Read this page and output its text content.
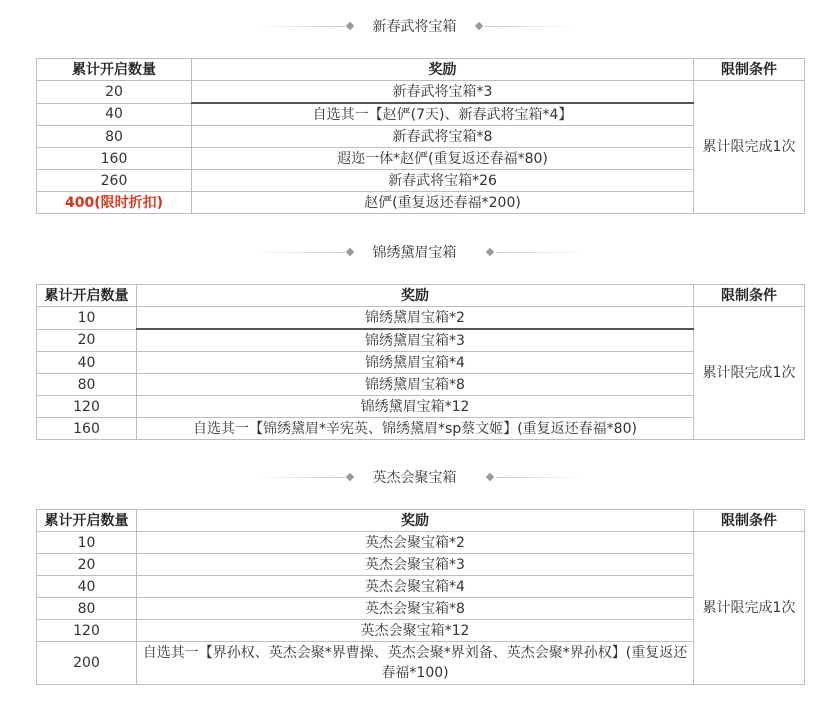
新春武将宝箱
累计开启数量	奖励	限制条件
20	新春武将宝箱*3	累计限完成1次
40	自选其一【赵俨(7天)、新春武将宝箱*4】	
80	新春武将宝箱*8	
160	遐迩一体*赵俨(重复返还春福*80)	
260	新春武将宝箱*26	
400(限时折扣)	赵俨(重复返还春福*200)	
锦绣黛眉宝箱
累计开启数量	奖励	限制条件
10	锦绣黛眉宝箱*2	累计限完成1次
20	锦绣黛眉宝箱*3	
40	锦绣黛眉宝箱*4	
80	锦绣黛眉宝箱*8	
120	锦绣黛眉宝箱*12	
160	自选其一【锦绣黛眉*辛宪英、锦绣黛眉*sp蔡文姬】(重复返还春福*80)	
英杰会聚宝箱
累计开启数量	奖励	限制条件
10	英杰会聚宝箱*2	累计限完成1次
20	英杰会聚宝箱*3	
40	英杰会聚宝箱*4	
80	英杰会聚宝箱*8	
120	英杰会聚宝箱*12	
200	自选其一【界孙权、英杰会聚*界曹操、英杰会聚*界刘备、英杰会聚*界孙权】(重复返还春福*100)	
